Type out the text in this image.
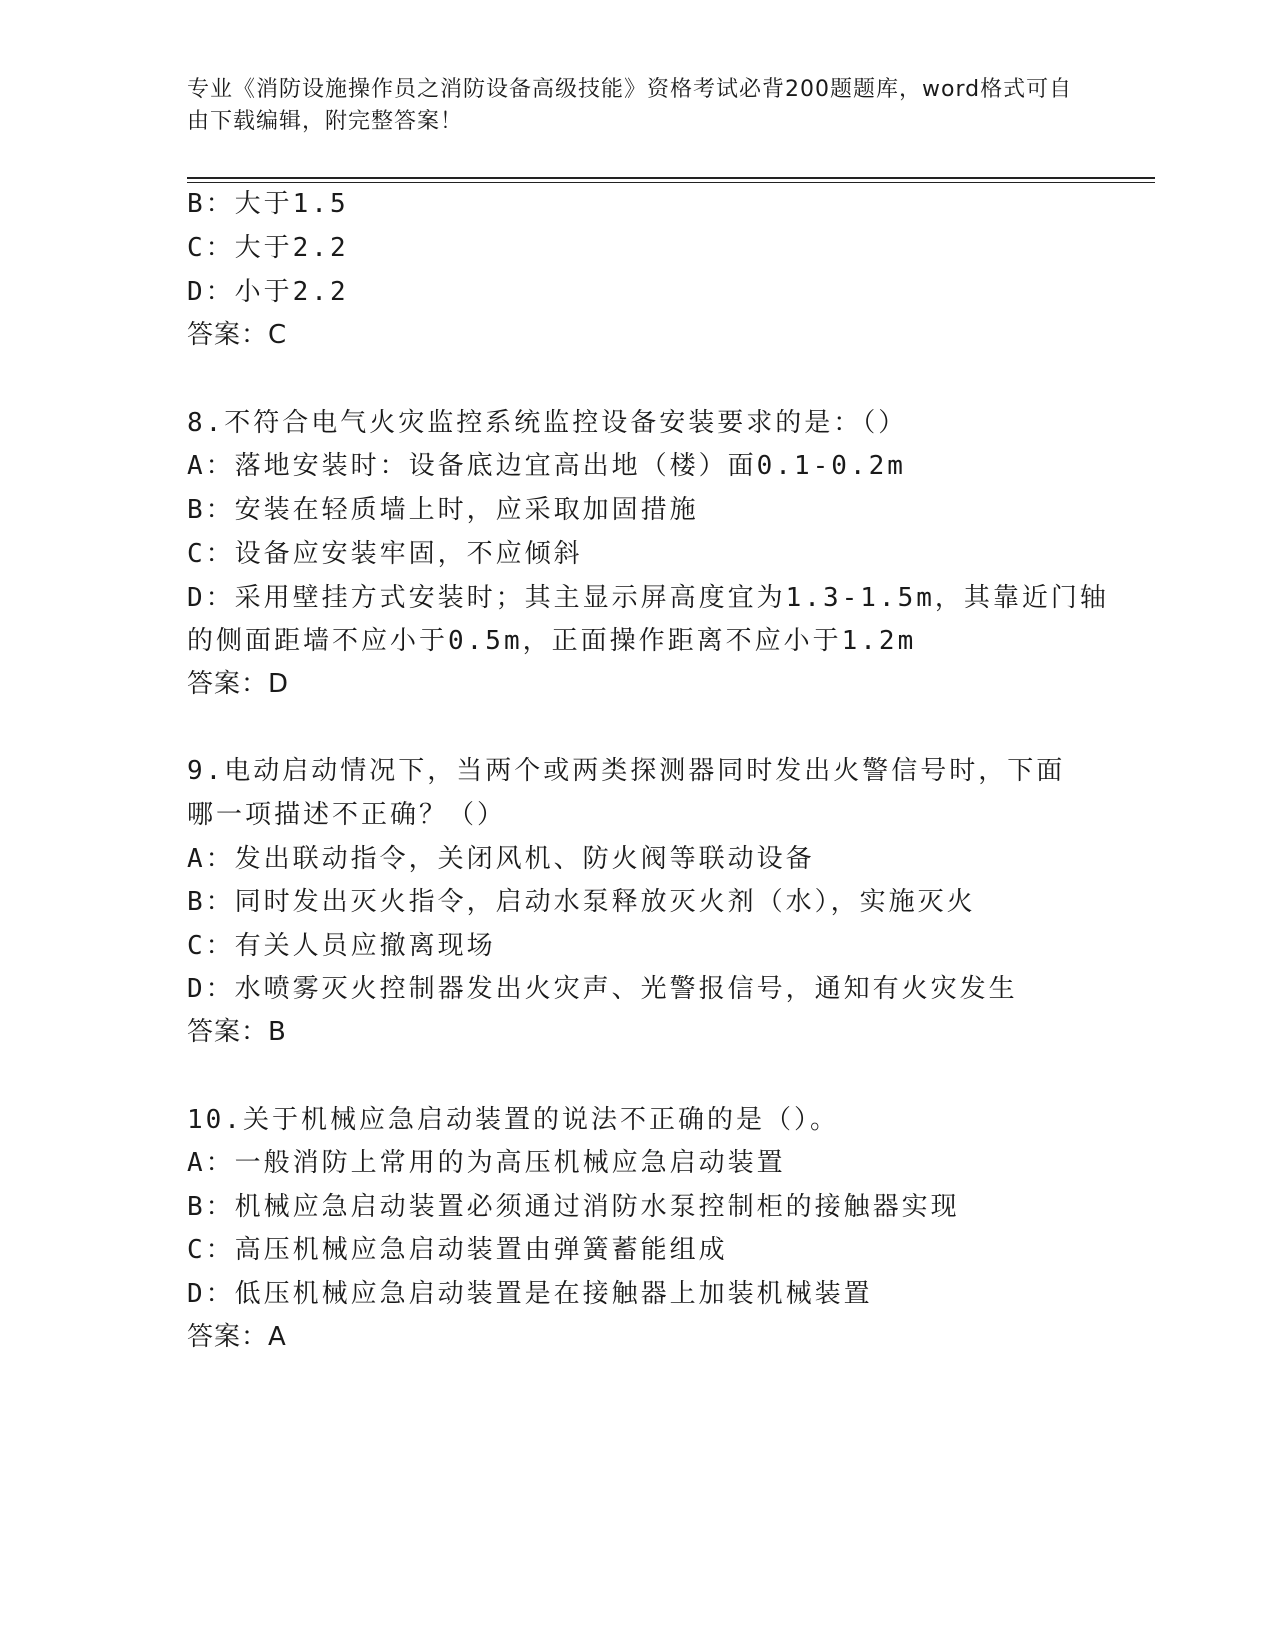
专业《消防设施操作员之消防设备高级技能》资格考试必背200题题库，word格式可自由下载编辑，附完整答案！
B：大于1.5
C：大于2.2
D：小于2.2
答案：C
8.不符合电气火灾监控系统监控设备安装要求的是：（）
A：落地安装时：设备底边宜高出地（楼）面0.1-0.2m
B：安装在轻质墙上时，应采取加固措施
C：设备应安装牢固，不应倾斜
D：采用壁挂方式安装时；其主显示屏高度宜为1.3-1.5m，其靠近门轴
的侧面距墙不应小于0.5m，正面操作距离不应小于1.2m
答案：D
9.电动启动情况下，当两个或两类探测器同时发出火警信号时，下面
哪一项描述不正确？（）
A：发出联动指令，关闭风机、防火阀等联动设备
B：同时发出灭火指令，启动水泵释放灭火剂（水），实施灭火
C：有关人员应撤离现场
D：水喷雾灭火控制器发出火灾声、光警报信号，通知有火灾发生
答案：B
10.关于机械应急启动装置的说法不正确的是（）。
A：一般消防上常用的为高压机械应急启动装置
B：机械应急启动装置必须通过消防水泵控制柜的接触器实现
C：高压机械应急启动装置由弹簧蓄能组成
D：低压机械应急启动装置是在接触器上加装机械装置
答案：A
